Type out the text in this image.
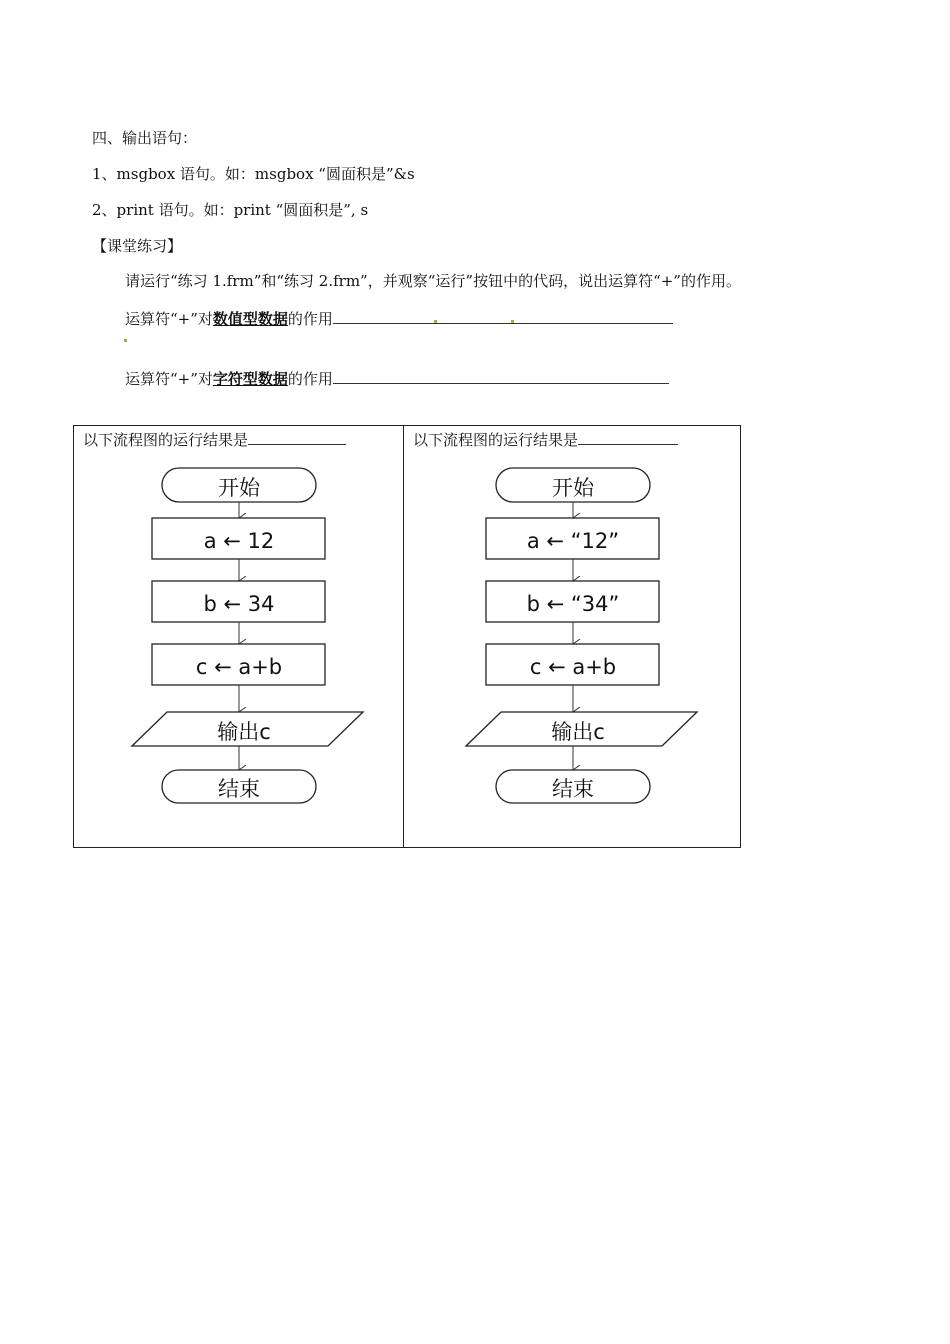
四、输出语句：
1、msgbox 语句。如：msgbox “圆面积是”&s
2、print 语句。如：print “圆面积是”, s
【课堂练习】
请运行“练习 1.frm”和“练习 2.frm”，并观察“运行”按钮中的代码，说出运算符“+”的作用。
运算符“+”对数值型数据的作用
运算符“+”对字符型数据的作用
以下流程图的运行结果是
开始
a ← 12
b ← 34
c ← a+b
输出c
结束
以下流程图的运行结果是
开始
a ← “12”
b ← “34”
c ← a+b
输出c
结束
